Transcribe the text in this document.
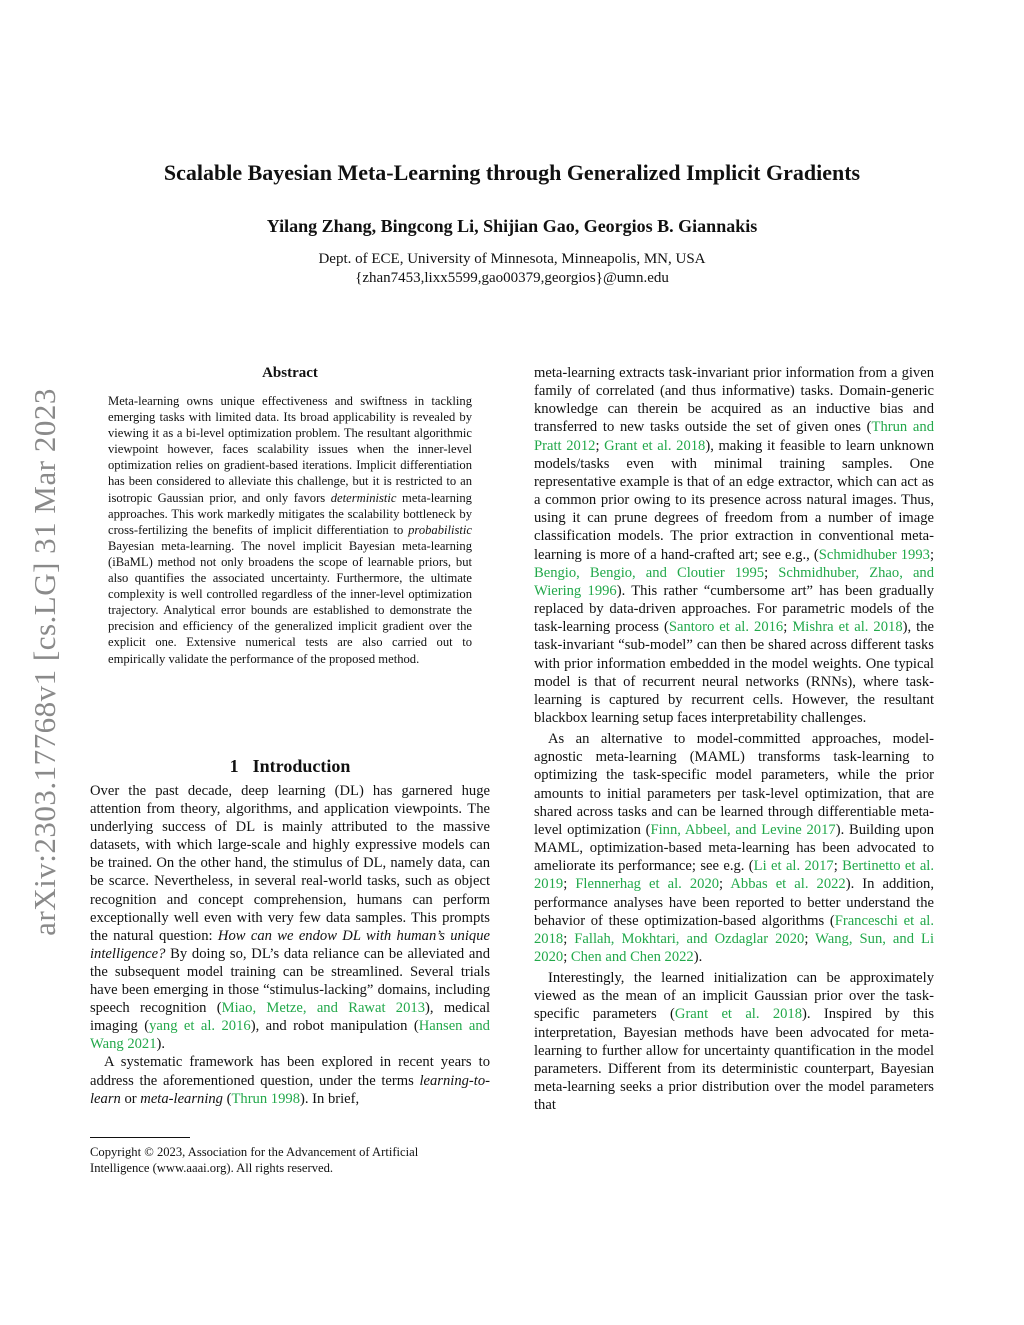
Scalable Bayesian Meta-Learning through Generalized Implicit Gradients
Yilang Zhang, Bingcong Li, Shijian Gao, Georgios B. Giannakis
Dept. of ECE, University of Minnesota, Minneapolis, MN, USA
{zhan7453,lixx5599,gao00379,georgios}@umn.edu
arXiv:2303.17768v1 [cs.LG] 31 Mar 2023
Abstract

Meta-learning owns unique effectiveness and swiftness in tackling emerging tasks with limited data. Its broad applicability is revealed by viewing it as a bi-level optimization problem. The resultant algorithmic viewpoint however, faces scalability issues when the inner-level optimization relies on gradient-based iterations. Implicit differentiation has been considered to alleviate this challenge, but it is restricted to an isotropic Gaussian prior, and only favors deterministic meta-learning approaches. This work markedly mitigates the scalability bottleneck by cross-fertilizing the benefits of implicit differentiation to probabilistic Bayesian meta-learning. The novel implicit Bayesian meta-learning (iBaML) method not only broadens the scope of learnable priors, but also quantifies the associated uncertainty. Furthermore, the ultimate complexity is well controlled regardless of the inner-level optimization trajectory. Analytical error bounds are established to demonstrate the precision and efficiency of the generalized implicit gradient over the explicit one. Extensive numerical tests are also carried out to empirically validate the performance of the proposed method.

1 Introduction

Over the past decade, deep learning (DL) has garnered huge attention from theory, algorithms, and application viewpoints. The underlying success of DL is mainly attributed to the massive datasets, with which large-scale and highly expressive models can be trained. On the other hand, the stimulus of DL, namely data, can be scarce. Nevertheless, in several real-world tasks, such as object recognition and concept comprehension, humans can perform exceptionally well even with very few data samples. This prompts the natural question: How can we endow DL with human’s unique intelligence? By doing so, DL’s data reliance can be alleviated and the subsequent model training can be streamlined. Several trials have been emerging in those “stimulus-lacking” domains, including speech recognition (Miao, Metze, and Rawat 2013), medical imaging (yang et al. 2016), and robot manipulation (Hansen and Wang 2021).

A systematic framework has been explored in recent years to address the aforementioned question, under the terms learning-to-learn or meta-learning (Thrun 1998). In brief,

Copyright © 2023, Association for the Advancement of Artificial
Intelligence (www.aaai.org). All rights reserved.

meta-learning extracts task-invariant prior information from a given family of correlated (and thus informative) tasks. Domain-generic knowledge can therein be acquired as an inductive bias and transferred to new tasks outside the set of given ones (Thrun and Pratt 2012; Grant et al. 2018), making it feasible to learn unknown models/tasks even with minimal training samples. One representative example is that of an edge extractor, which can act as a common prior owing to its presence across natural images. Thus, using it can prune degrees of freedom from a number of image classification models. The prior extraction in conventional meta-learning is more of a hand-crafted art; see e.g., (Schmidhuber 1993; Bengio, Bengio, and Cloutier 1995; Schmidhuber, Zhao, and Wiering 1996). This rather “cumbersome art” has been gradually replaced by data-driven approaches. For parametric models of the task-learning process (Santoro et al. 2016; Mishra et al. 2018), the task-invariant “sub-model” can then be shared across different tasks with prior information embedded in the model weights. One typical model is that of recurrent neural networks (RNNs), where task-learning is captured by recurrent cells. However, the resultant blackbox learning setup faces interpretability challenges.

As an alternative to model-committed approaches, model-agnostic meta-learning (MAML) transforms task-learning to optimizing the task-specific model parameters, while the prior amounts to initial parameters per task-level optimization, that are shared across tasks and can be learned through differentiable meta-level optimization (Finn, Abbeel, and Levine 2017). Building upon MAML, optimization-based meta-learning has been advocated to ameliorate its performance; see e.g. (Li et al. 2017; Bertinetto et al. 2019; Flennerhag et al. 2020; Abbas et al. 2022). In addition, performance analyses have been reported to better understand the behavior of these optimization-based algorithms (Franceschi et al. 2018; Fallah, Mokhtari, and Ozdaglar 2020; Wang, Sun, and Li 2020; Chen and Chen 2022).

Interestingly, the learned initialization can be approximately viewed as the mean of an implicit Gaussian prior over the task-specific parameters (Grant et al. 2018). Inspired by this interpretation, Bayesian methods have been advocated for meta-learning to further allow for uncertainty quantification in the model parameters. Different from its deterministic counterpart, Bayesian meta-learning seeks a prior distribution over the model parameters that
